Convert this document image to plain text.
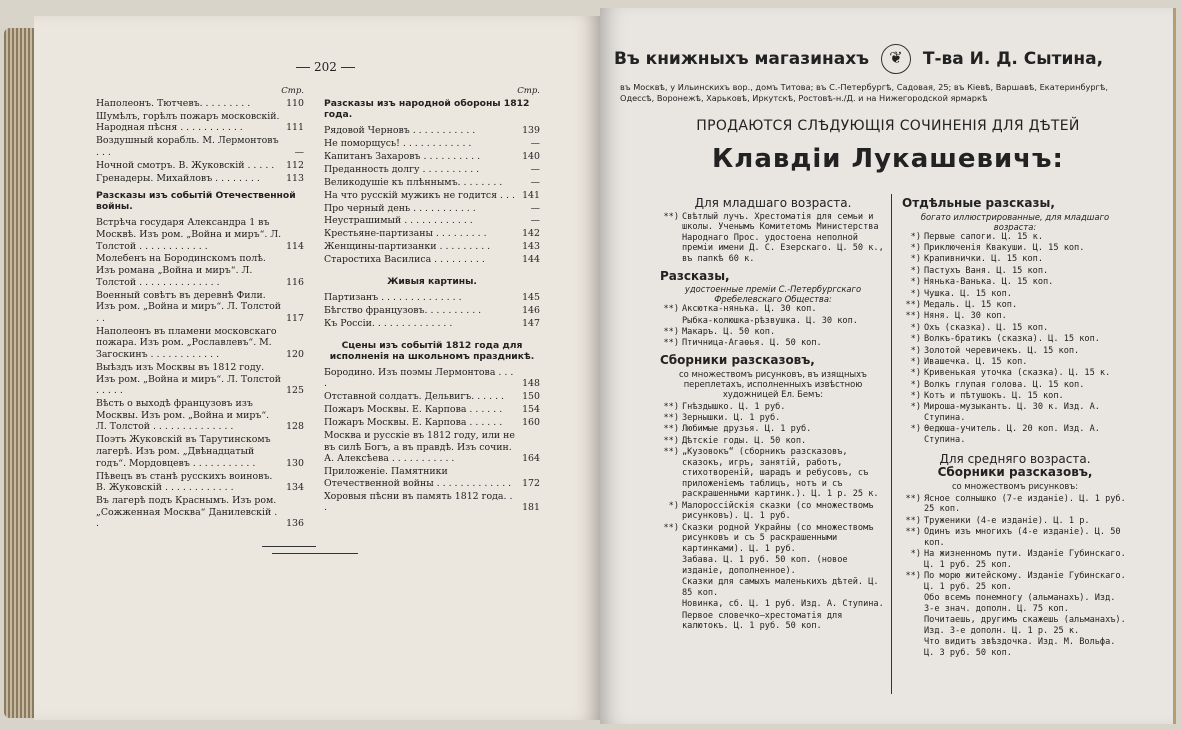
202
Стр.
Наполеонъ. Тютчевъ. . . . . . . . .	110
Шумѣлъ, горѣлъ пожаръ московскiй. Народная пѣсня . . . . . . . . . . .	111
Воздушный корабль. М. Лермонтовъ . . .	—
Ночной смотръ. В. Жуковскiй . . . . .	112
Гренадеры. Михайловъ . . . . . . . .	113
Разсказы изъ событiй Отечественной войны.
Встрѣча государя Александра 1 въ Москвѣ. Изъ ром. „Война и миръ“. Л. Толстой . . . . . . . . . . . .	114
Молебенъ на Бородинскомъ полѣ. Изъ романа „Война и миръ“. Л. Толстой . . . . . . . . . . . . . .	116
Военный совѣтъ въ деревнѣ Фили. Изъ ром. „Война и миръ“. Л. Толстой . .	117
Наполеонъ въ пламени московскаго пожара. Изъ ром. „Рославлевъ“. М. Загоскинъ . . . . . . . . . . . .	120
Выѣздъ изъ Москвы въ 1812 году. Изъ ром. „Война и миръ“. Л. Толстой . . . . .	125
Вѣсть о выходѣ французовъ изъ Москвы. Изъ ром. „Война и миръ“. Л. Толстой . . . . . . . . . . . . . .	128
Поэтъ Жуковскiй въ Тарутинскомъ лагерѣ. Изъ ром. „Двѣнадцатый годъ“. Мордовцевъ . . . . . . . . . . .	130
Пѣвецъ въ станѣ русскихъ воиновъ. В. Жуковскiй . . . . . . . . . . . .	134
Въ лагерѣ подъ Краснымъ. Изъ ром. „Сожженная Москва“ Данилевскiй . .	136
Стр.
Разсказы изъ народной обороны 1812 года.
Рядовой Черновъ . . . . . . . . . . .	139
Не поморщусь! . . . . . . . . . . . .	—
Капитанъ Захаровъ . . . . . . . . . .	140
Преданность долгу . . . . . . . . . .	—
Великодушiе къ плѣннымъ. . . . . . . .	—
На что русскiй мужикъ не годится . . . 141
Про черный день . . . . . . . . . . .	—
Неустрашимый . . . . . . . . . . . .	—
Крестьяне-партизаны . . . . . . . . .	142
Женщины-партизанки . . . . . . . . .	143
Старостиха Василиса . . . . . . . . .	144
Живыя картины.
Партизанъ . . . . . . . . . . . . . .	145
Бѣгство французовъ. . . . . . . . . .	146
Къ Россiи. . . . . . . . . . . . . .	147
Сцены изъ событiй 1812 года для исполненiя на школьномъ праздникѣ.
Бородино. Изъ поэмы Лермонтова . . . .	148
Отставной солдатъ. Дельвигъ. . . . . .	150
Пожаръ Москвы. Е. Карпова . . . . . .	154
Пожаръ Москвы. Е. Карпова . . . . . .	160
Москва и русскiе въ 1812 году, или не въ силѣ Богъ, а въ правдѣ. Изъ сочин. А. Алексѣева . . . . . . . . . . .	164
Приложенiе. Памятники Отечественной войны . . . . . . . . . . . . .	172
Хоровыя пѣсни въ память 1812 года. . .	181
Въ книжныхъ магазинахъ ❦ Т-ва И. Д. Сытина,
въ Москвѣ, у Ильинскихъ вор., домъ Титова; въ С.-Петербургѣ, Садовая, 25; въ Кiевѣ, Варшавѣ, Екатеринбургѣ, Одессѣ, Воронежѣ, Харьковѣ, Иркутскѣ, Ростовѣ-н./Д. и на Нижегородской ярмаркѣ
ПРОДАЮТСЯ СЛѢДУЮЩIЯ СОЧИНЕНIЯ ДЛЯ ДѢТЕЙ
Клавдiи Лукашевичъ:
Для младшаго возраста.
**) Свѣтлый лучъ. Хрестоматiя для семьи и школы. Ученымъ Комитетомъ Министерства Народнаго Прос. удостоена неполной премiи имени Д. С. Езерскаго. Ц. 50 к., въ папкѣ 60 к.
Разсказы,
удостоенные премiи С.-Петербургскаго Фребелевскаго Общества:
**) Аксютка-нянька. Ц. 30 коп.
Рыбка-колюшка-рѣзвушка. Ц. 30 коп.
**) Макаръ. Ц. 50 коп.
**) Птичница-Агаѳья. Ц. 50 коп.
Сборники разсказовъ,
со множествомъ рисунковъ, въ изящныхъ переплетахъ, исполненныхъ извѣстною художницей Ел. Бемъ:
**) Гнѣздышко. Ц. 1 руб.
**) Зернышки. Ц. 1 руб.
**) Любимые друзья. Ц. 1 руб.
**) Дѣтскiе годы. Ц. 50 коп.
**) „Кузовокъ“ (сборникъ разсказовъ, сказокъ, игръ, занятiй, работъ, стихотворенiй, шарадъ и ребусовъ, съ приложенiемъ таблицъ, нотъ и съ раскрашенными картинк.). Ц. 1 р. 25 к.
*) Малороссiйскiя сказки (со множествомъ рисунковъ). Ц. 1 руб.
**) Сказки родной Украйны (со множествомъ рисунковъ и съ 5 раскрашенными картинками). Ц. 1 руб.
Забава. Ц. 1 руб. 50 коп. (новое изданiе, дополненное).
Сказки для самыхъ маленькихъ дѣтей. Ц. 85 коп.
Новинка, сб. Ц. 1 руб. Изд. А. Ступина.
Первое словечко—хрестоматiя для калютокъ. Ц. 1 руб. 50 коп.
Отдѣльные разсказы,
богато иллюстрированные, для младшаго возраста:
*) Первые сапоги. Ц. 15 к.
*) Приключенiя Квакуши. Ц. 15 коп.
*) Крапивнички. Ц. 15 коп.
*) Пастухъ Ваня. Ц. 15 коп.
*) Нянька-Ванька. Ц. 15 коп.
*) Чушка. Ц. 15 коп.
**) Медаль. Ц. 15 коп.
**) Няня. Ц. 30 коп.
*) Охъ (сказка). Ц. 15 коп.
*) Волкъ-братикъ (сказка). Ц. 15 коп.
*) Золотой черевичекъ. Ц. 15 коп.
*) Ивашечка. Ц. 15 коп.
*) Кривенькая уточка (сказка). Ц. 15 к.
*) Волкъ глупая голова. Ц. 15 коп.
*) Котъ и пѣтушокъ. Ц. 15 коп.
*) Мироша-музыкантъ. Ц. 30 к. Изд. А. Ступина.
*) Ѳедюша-учитель. Ц. 20 коп. Изд. А. Ступина.
Для средняго возраста.
Сборники разсказовъ,
со множествомъ рисунковъ:
**) Ясное солнышко (7-е изданiе). Ц. 1 руб. 25 коп.
**) Труженики (4-е изданiе). Ц. 1 р.
**) Одинъ изъ многихъ (4-е изданiе). Ц. 50 коп.
*) На жизненномъ пути. Изданiе Губинскаго. Ц. 1 руб. 25 коп.
**) По морю житейскому. Изданiе Губинскаго. Ц. 1 руб. 25 коп.
Обо всемъ понемногу (альманахъ). Изд. 3-е знач. дополн. Ц. 75 коп.
Почитаешь, другимъ скажешь (альманахъ). Изд. 3-е дополн. Ц. 1 р. 25 к.
Что видитъ звѣздочка. Изд. М. Вольфа. Ц. 3 руб. 50 коп.
